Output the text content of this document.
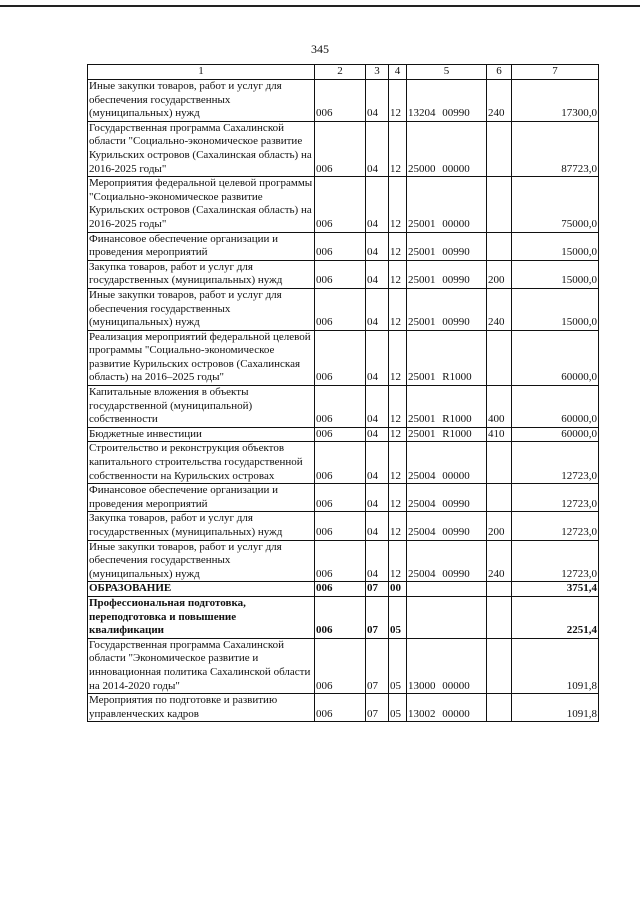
345
1	2	3	4	5	6	7
Иные закупки товаров, работ и услуг для обеспечения государственных (муниципальных) нужд	006	04	12	13204 00990	240	17300,0
Государственная программа Сахалинской области "Социально-экономическое развитие Курильских островов (Сахалинская область) на 2016-2025 годы"	006	04	12	25000 00000		87723,0
Мероприятия федеральной целевой программы "Социально-экономическое развитие Курильских островов (Сахалинская область) на 2016-2025 годы"	006	04	12	25001 00000		75000,0
Финансовое обеспечение организации и проведения мероприятий	006	04	12	25001 00990		15000,0
Закупка товаров, работ и услуг для государственных (муниципальных) нужд	006	04	12	25001 00990	200	15000,0
Иные закупки товаров, работ и услуг для обеспечения государственных (муниципальных) нужд	006	04	12	25001 00990	240	15000,0
Реализация мероприятий федеральной целевой программы "Социально-экономическое развитие Курильских островов (Сахалинская область) на 2016–2025 годы"	006	04	12	25001 R1000		60000,0
Капитальные вложения в объекты государственной (муниципальной) собственности	006	04	12	25001 R1000	400	60000,0
Бюджетные инвестиции	006	04	12	25001 R1000	410	60000,0
Строительство и реконструкция объектов капитального строительства государственной собственности на Курильских островах	006	04	12	25004 00000		12723,0
Финансовое обеспечение организации и проведения мероприятий	006	04	12	25004 00990		12723,0
Закупка товаров, работ и услуг для государственных (муниципальных) нужд	006	04	12	25004 00990	200	12723,0
Иные закупки товаров, работ и услуг для обеспечения государственных (муниципальных) нужд	006	04	12	25004 00990	240	12723,0
ОБРАЗОВАНИЕ	006	07	00			3751,4
Профессиональная подготовка, переподготовка и повышение квалификации	006	07	05			2251,4
Государственная программа Сахалинской области "Экономическое развитие и инновационная политика Сахалинской области на 2014-2020 годы"	006	07	05	13000 00000		1091,8
Мероприятия по подготовке и развитию управленческих кадров	006	07	05	13002 00000		1091,8
